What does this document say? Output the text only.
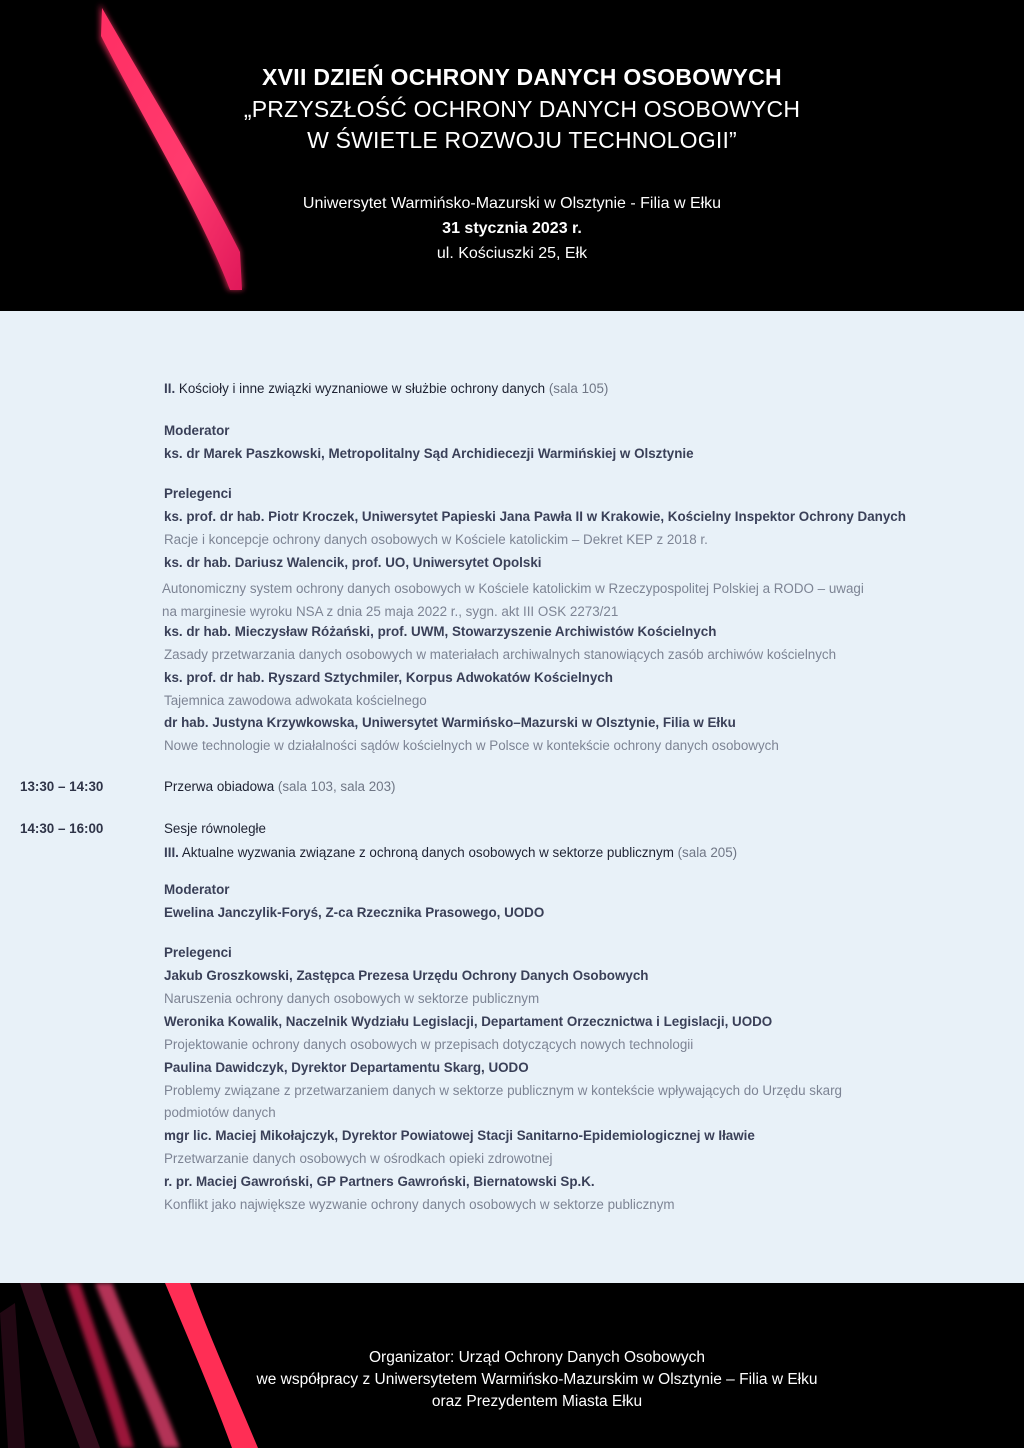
XVII DZIEŃ OCHRONY DANYCH OSOBOWYCH
„PRZYSZŁOŚĆ OCHRONY DANYCH OSOBOWYCH
W ŚWIETLE ROZWOJU TECHNOLOGII”
Uniwersytet Warmińsko-Mazurski w Olsztynie - Filia w Ełku
31 stycznia 2023 r.
ul. Kościuszki 25, Ełk
II. Kościoły i inne związki wyznaniowe w służbie ochrony danych (sala 105)
Moderator
ks. dr Marek Paszkowski, Metropolitalny Sąd Archidiecezji Warmińskiej w Olsztynie
Prelegenci
ks. prof. dr hab. Piotr Kroczek, Uniwersytet Papieski Jana Pawła II w Krakowie, Kościelny Inspektor Ochrony Danych
Racje i koncepcje ochrony danych osobowych w Kościele katolickim – Dekret KEP z 2018 r.
ks. dr hab. Dariusz Walencik, prof. UO, Uniwersytet Opolski
Autonomiczny system ochrony danych osobowych w Kościele katolickim w Rzeczypospolitej Polskiej a RODO – uwagi
na marginesie wyroku NSA z dnia 25 maja 2022 r., sygn. akt III OSK 2273/21
ks. dr hab. Mieczysław Różański, prof. UWM, Stowarzyszenie Archiwistów Kościelnych
Zasady przetwarzania danych osobowych w materiałach archiwalnych stanowiących zasób archiwów kościelnych
ks. prof. dr hab. Ryszard Sztychmiler, Korpus Adwokatów Kościelnych
Tajemnica zawodowa adwokata kościelnego
dr hab. Justyna Krzywkowska, Uniwersytet Warmińsko–Mazurski w Olsztynie, Filia w Ełku
Nowe technologie w działalności sądów kościelnych w Polsce w kontekście ochrony danych osobowych
13:30 – 14:30	Przerwa obiadowa (sala 103, sala 203)
14:30 – 16:00	Sesje równoległe
III. Aktualne wyzwania związane z ochroną danych osobowych w sektorze publicznym (sala 205)
Moderator
Ewelina Janczylik-Foryś, Z-ca Rzecznika Prasowego, UODO
Prelegenci
Jakub Groszkowski, Zastępca Prezesa Urzędu Ochrony Danych Osobowych
Naruszenia ochrony danych osobowych w sektorze publicznym
Weronika Kowalik, Naczelnik Wydziału Legislacji, Departament Orzecznictwa i Legislacji, UODO
Projektowanie ochrony danych osobowych w przepisach dotyczących nowych technologii
Paulina Dawidczyk, Dyrektor Departamentu Skarg, UODO
Problemy związane z przetwarzaniem danych w sektorze publicznym w kontekście wpływających do Urzędu skarg
podmiotów danych
mgr lic. Maciej Mikołajczyk, Dyrektor Powiatowej Stacji Sanitarno-Epidemiologicznej w Iławie
Przetwarzanie danych osobowych w ośrodkach opieki zdrowotnej
r. pr. Maciej Gawroński, GP Partners Gawroński, Biernatowski Sp.K.
Konflikt jako największe wyzwanie ochrony danych osobowych w sektorze publicznym
Organizator: Urząd Ochrony Danych Osobowych
we współpracy z Uniwersytetem Warmińsko-Mazurskim w Olsztynie – Filia w Ełku
oraz Prezydentem Miasta Ełku
